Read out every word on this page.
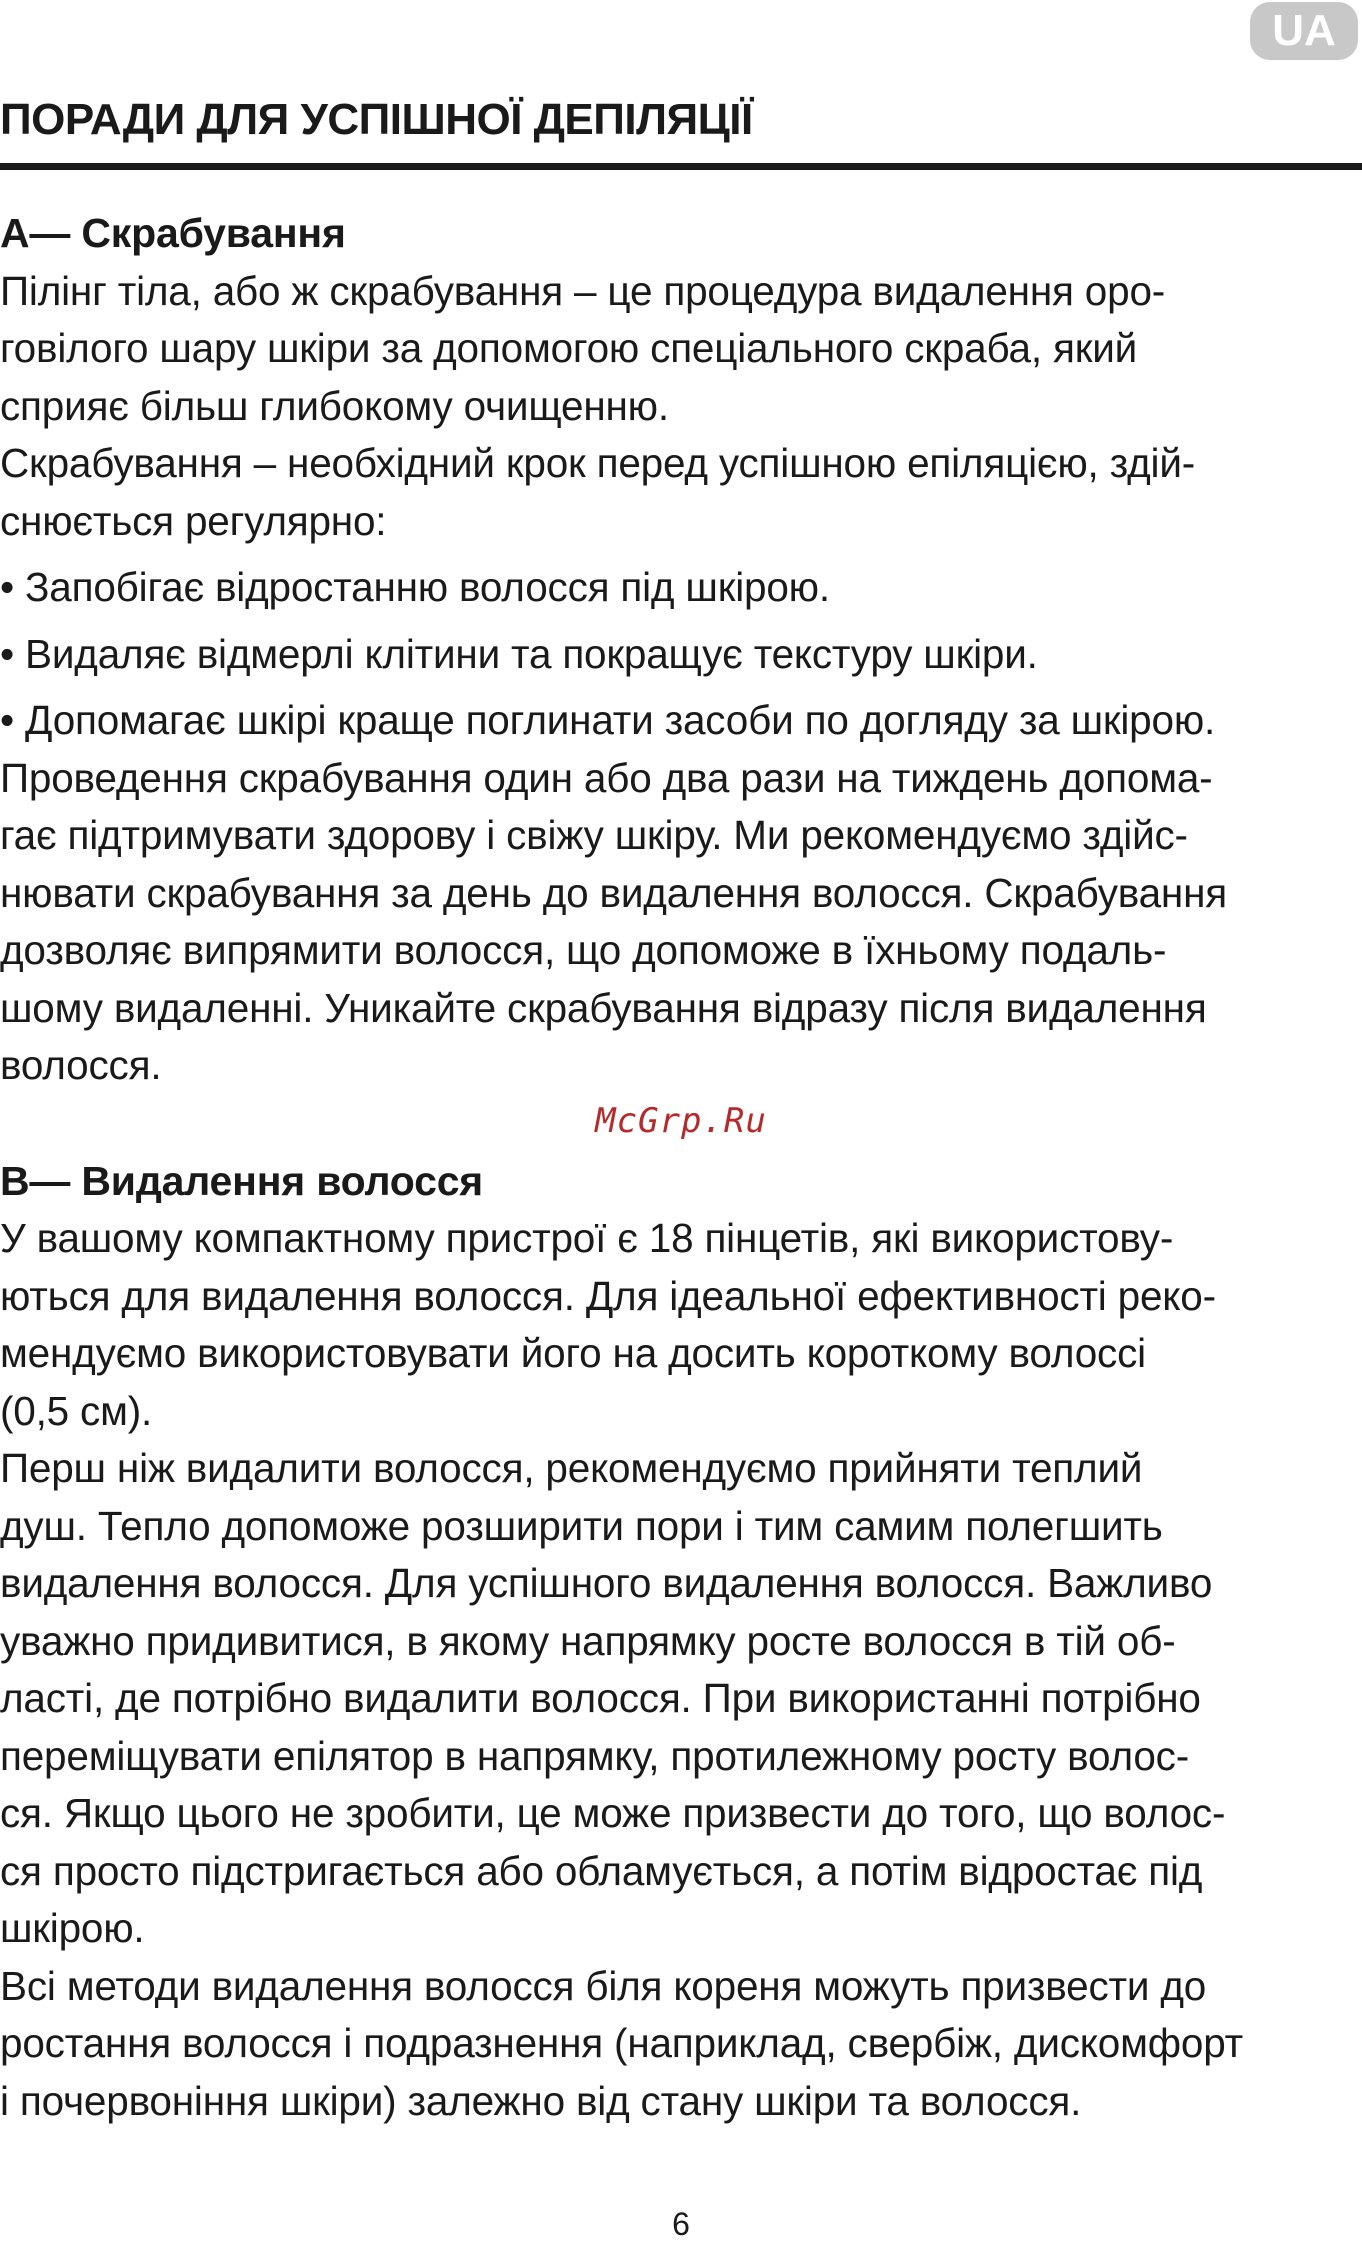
UA
ПОРАДИ ДЛЯ УСПІШНОЇ ДЕПІЛЯЦІЇ
А— Скрабування

Пілінг тіла, або ж скрабування – це процедура видалення оро-
говілого шару шкіри за допомогою спеціального скраба, який
сприяє більш глибокому очищенню.

Скрабування – необхідний крок перед успішною епіляцією, здій-
снюється регулярно:

• Запобігає відростанню волосся під шкірою.
• Видаляє відмерлі клітини та покращує текстуру шкіри.
• Допомагає шкірі краще поглинати засоби по догляду за шкірою.

Проведення скрабування один або два рази на тиждень допома-
гає підтримувати здорову і свіжу шкіру. Ми рекомендуємо здійс-
нювати скрабування за день до видалення волосся. Скрабування
дозволяє випрямити волосся, що допоможе в їхньому подаль-
шому видаленні. Уникайте скрабування відразу після видалення
волосся.

McGrp.Ru
B— Видалення волосся

У вашому компактному пристрої є 18 пінцетів, які використову-
ються для видалення волосся. Для ідеальної ефективності реко-
мендуємо використовувати його на досить короткому волоссі
(0,5 см).

Перш ніж видалити волосся, рекомендуємо прийняти теплий
душ. Тепло допоможе розширити пори і тим самим полегшить
видалення волосся. Для успішного видалення волосся. Важливо
уважно придивитися, в якому напрямку росте волосся в тій об-
ласті, де потрібно видалити волосся. При використанні потрібно
переміщувати епілятор в напрямку, протилежному росту волос-
ся. Якщо цього не зробити, це може призвести до того, що волос-
ся просто підстригається або обламується, а потім відростає під
шкірою.

Всі методи видалення волосся біля кореня можуть призвести до
ростання волосся і подразнення (наприклад, свербіж, дискомфорт
і почервоніння шкіри) залежно від стану шкіри та волосся.

6
